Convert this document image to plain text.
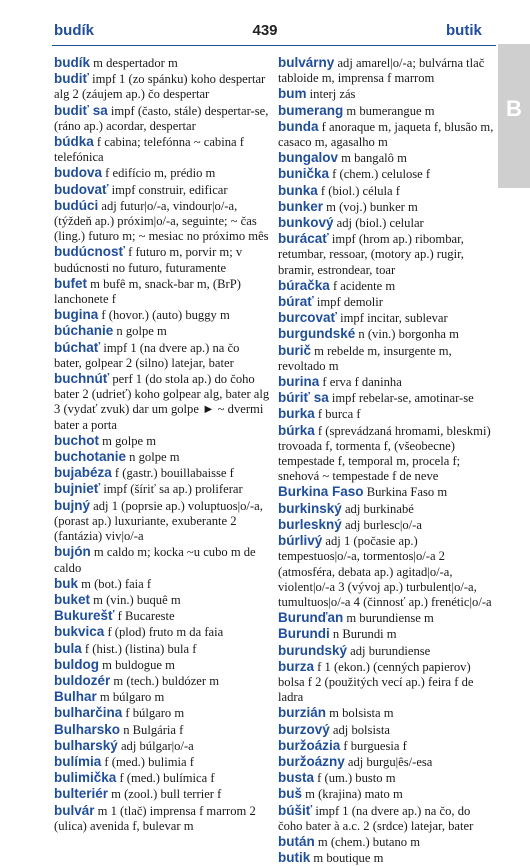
budík	439	butik
B

budík m despertador m

budiť impf 1 (zo spánku) koho despertar alg 2 (záujem ap.) čo despertar

budiť sa impf (často, stále) despertar-se, (ráno ap.) acordar, despertar

búdka f cabina; telefónna ~ cabina f telefónica

budova f edifício m, prédio m

budovať impf construir, edificar

budúci adj futur|o/-a, vindour|o/-a, (týždeň ap.) próxim|o/-a, seguinte; ~ čas (ling.) futuro m; ~ mesiac no próximo mês

budúcnosť f futuro m, porvir m; v budúcnosti no futuro, futuramente

bufet m bufê m, snack-bar m, (BrP) lanchonete f

bugina f (hovor.) (auto) buggy m

búchanie n golpe m

búchať impf 1 (na dvere ap.) na čo bater, golpear 2 (silno) latejar, bater

buchnúť perf 1 (do stola ap.) do čoho bater 2 (udrieť) koho golpear alg, bater alg 3 (vydať zvuk) dar um golpe ► ~ dvermi bater a porta

buchot m golpe m

buchotanie n golpe m

bujabéza f (gastr.) bouillabaisse f

bujnieť impf (šíriť sa ap.) proliferar

bujný adj 1 (poprsie ap.) voluptuos|o/-a, (porast ap.) luxuriante, exuberante 2 (fantázia) viv|o/-a

bujón m caldo m; kocka ~u cubo m de caldo

buk m (bot.) faia f

buket m (vin.) buquê m

Bukurešť f Bucareste

bukvica f (plod) fruto m da faia

bula f (hist.) (listina) bula f

buldog m buldogue m

buldozér m (tech.) buldózer m

Bulhar m búlgaro m

bulharčina f búlgaro m

Bulharsko n Bulgária f

bulharský adj búlgar|o/-a

bulímia f (med.) bulimia f

bulimička f (med.) bulímica f

bulteriér m (zool.) bull terrier f

bulvár m 1 (tlač) imprensa f marrom 2 (ulica) avenida f, bulevar m

bulvárny adj amarel|o/-a; bulvárna tlač tabloide m, imprensa f marrom

bum interj zás

bumerang m bumerangue m

bunda f anoraque m, jaqueta f, blusão m, casaco m, agasalho m

bungalov m bangalô m

bunička f (chem.) celulose f

bunka f (biol.) célula f

bunker m (voj.) bunker m

bunkový adj (biol.) celular

burácať impf (hrom ap.) ribombar, retumbar, ressoar, (motory ap.) rugir, bramir, estrondear, toar

búračka f acidente m

búrať impf demolir

burcovať impf incitar, sublevar

burgundské n (vin.) borgonha m

burič m rebelde m, insurgente m, revoltado m

burina f erva f daninha

búriť sa impf rebelar-se, amotinar-se

burka f burca f

búrka f (sprevádzaná hromami, bleskmi) trovoada f, tormenta f, (všeobecne) tempestade f, temporal m, procela f; snehová ~ tempestade f de neve

Burkina Faso Burkina Faso m

burkinský adj burkinabé

burleskný adj burlesc|o/-a

búrlivý adj 1 (počasie ap.) tempestuos|o/-a, tormentos|o/-a 2 (atmosféra, debata ap.) agitad|o/-a, violent|o/-a 3 (vývoj ap.) turbulent|o/-a, tumultuos|o/-a 4 (činnosť ap.) frenétic|o/-a

Burunďan m burundiense m

Burundi n Burundi m

burundský adj burundiense

burza f 1 (ekon.) (cenných papierov) bolsa f 2 (použitých vecí ap.) feira f de ladra

burzián m bolsista m

burzový adj bolsista

buržoázia f burguesia f

buržoázny adj burgu|ês/-esa

busta f (um.) busto m

buš m (krajina) mato m

búšiť impf 1 (na dvere ap.) na čo, do čoho bater à a.c. 2 (srdce) latejar, bater

bután m (chem.) butano m

butik m boutique m
